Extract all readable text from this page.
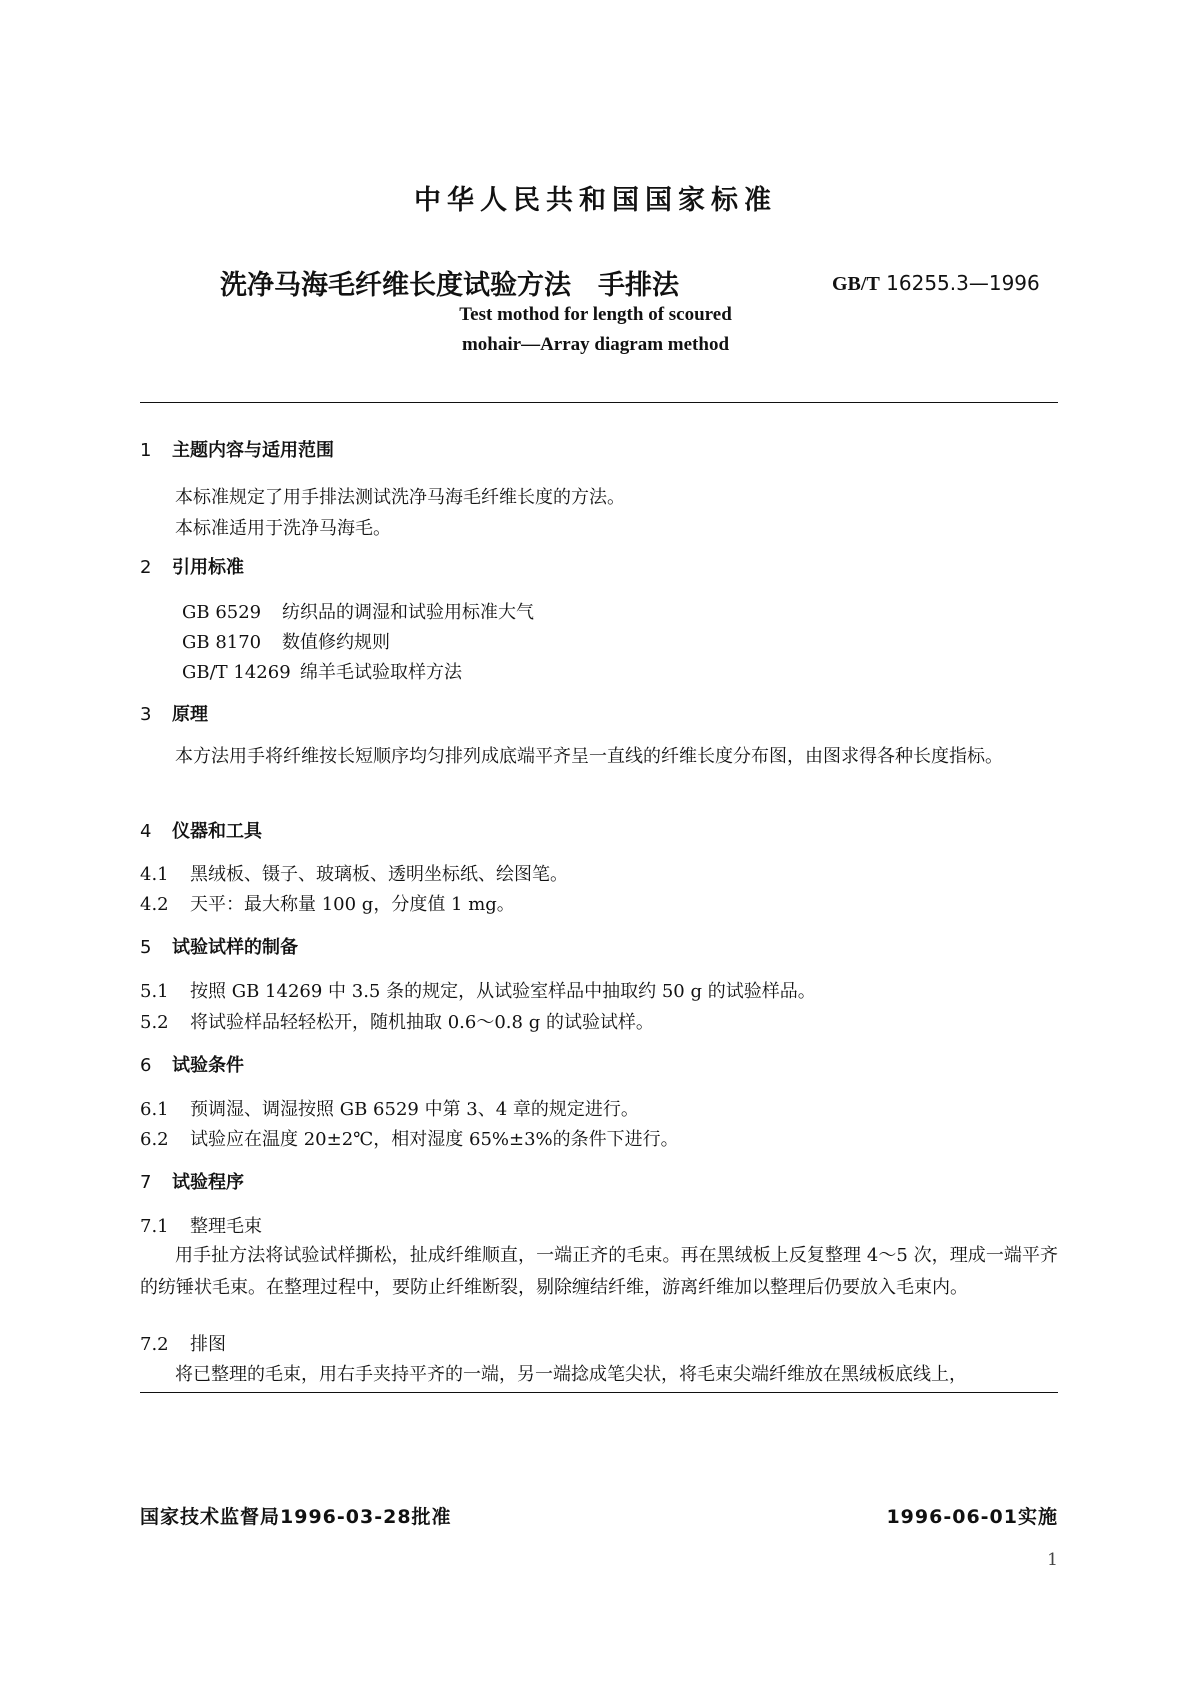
中华人民共和国国家标准
洗净马海毛纤维长度试验方法　手排法	GB/T 16255.3—1996
Test mothod for length of scoured
mohair—Array diagram method
1 主题内容与适用范围
本标准规定了用手排法测试洗净马海毛纤维长度的方法。
本标准适用于洗净马海毛。
2 引用标准
GB 6529 纺织品的调湿和试验用标准大气
GB 8170 数值修约规则
GB/T 14269 绵羊毛试验取样方法
3 原理
本方法用手将纤维按长短顺序均匀排列成底端平齐呈一直线的纤维长度分布图，由图求得各种长度指标。
4 仪器和工具
4.1 黑绒板、镊子、玻璃板、透明坐标纸、绘图笔。
4.2 天平：最大称量 100 g，分度值 1 mg。
5 试验试样的制备
5.1 按照 GB 14269 中 3.5 条的规定，从试验室样品中抽取约 50 g 的试验样品。
5.2 将试验样品轻轻松开，随机抽取 0.6～0.8 g 的试验试样。
6 试验条件
6.1 预调湿、调湿按照 GB 6529 中第 3、4 章的规定进行。
6.2 试验应在温度 20±2℃，相对湿度 65%±3%的条件下进行。
7 试验程序
7.1 整理毛束
用手扯方法将试验试样撕松，扯成纤维顺直，一端正齐的毛束。再在黑绒板上反复整理 4～5 次，理成一端平齐的纺锤状毛束。在整理过程中，要防止纤维断裂，剔除缠结纤维，游离纤维加以整理后仍要放入毛束内。
7.2 排图
将已整理的毛束，用右手夹持平齐的一端，另一端捻成笔尖状，将毛束尖端纤维放在黑绒板底线上，
国家技术监督局1996-03-28批准	1996-06-01实施
1
